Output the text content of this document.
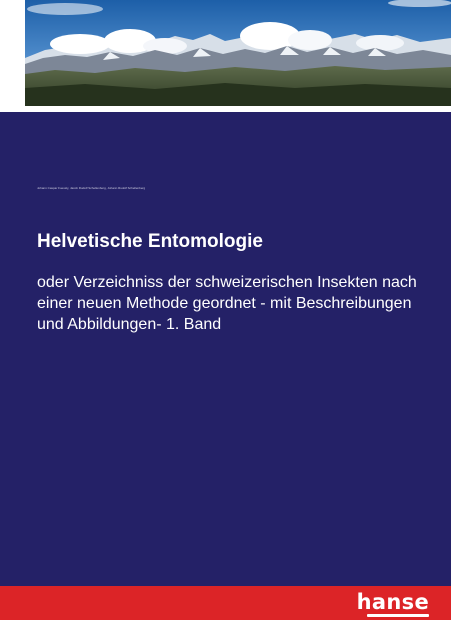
Johann Caspar Fuessly, Jacob Rudolf Schellenberg, Johann Rudolf Schellenberg
Helvetische Entomologie

oder Verzeichniss der schweizerischen Insekten nach einer neuen Methode geordnet - mit Beschreibungen und Abbildungen- 1. Band

hanse
